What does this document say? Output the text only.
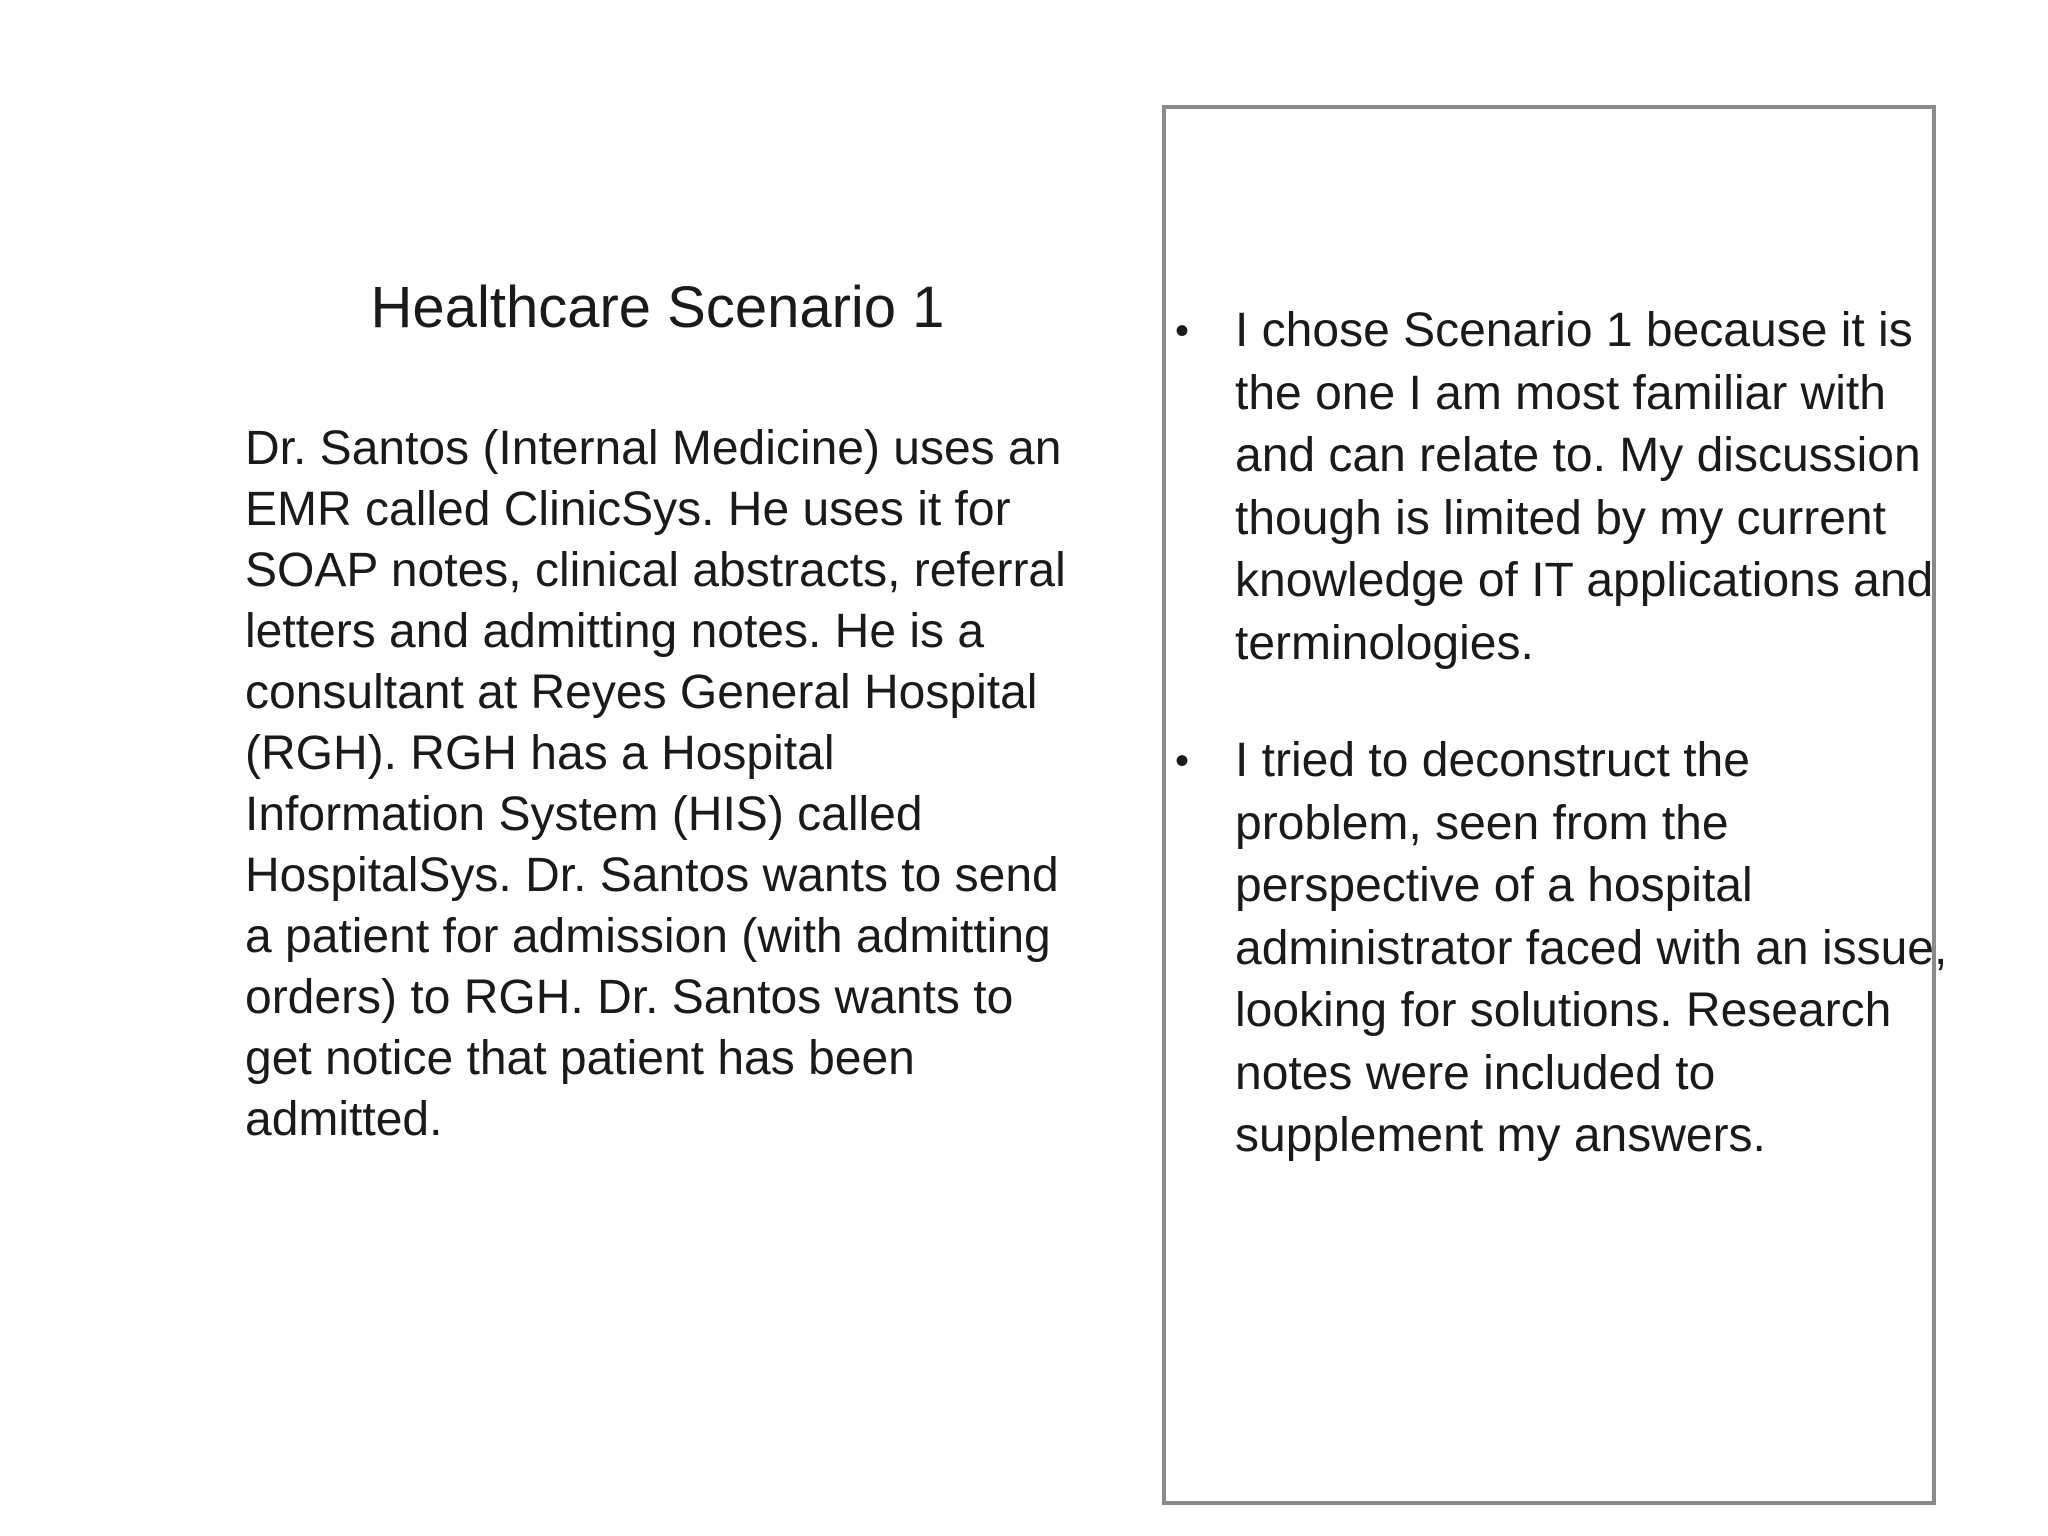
Healthcare Scenario 1

Dr. Santos (Internal Medicine) uses an EMR called ClinicSys. He uses it for SOAP notes, clinical abstracts, referral letters and admitting notes. He is a consultant at Reyes General Hospital (RGH). RGH has a Hospital Information System (HIS) called HospitalSys. Dr. Santos wants to send a patient for admission (with admitting orders) to RGH. Dr. Santos wants to get notice that patient has been admitted.

• I chose Scenario 1 because it is the one I am most familiar with and can relate to. My discussion though is limited by my current knowledge of IT applications and terminologies.
• I tried to deconstruct the problem, seen from the perspective of a hospital administrator faced with an issue, looking for solutions. Research notes were included to supplement my answers.
